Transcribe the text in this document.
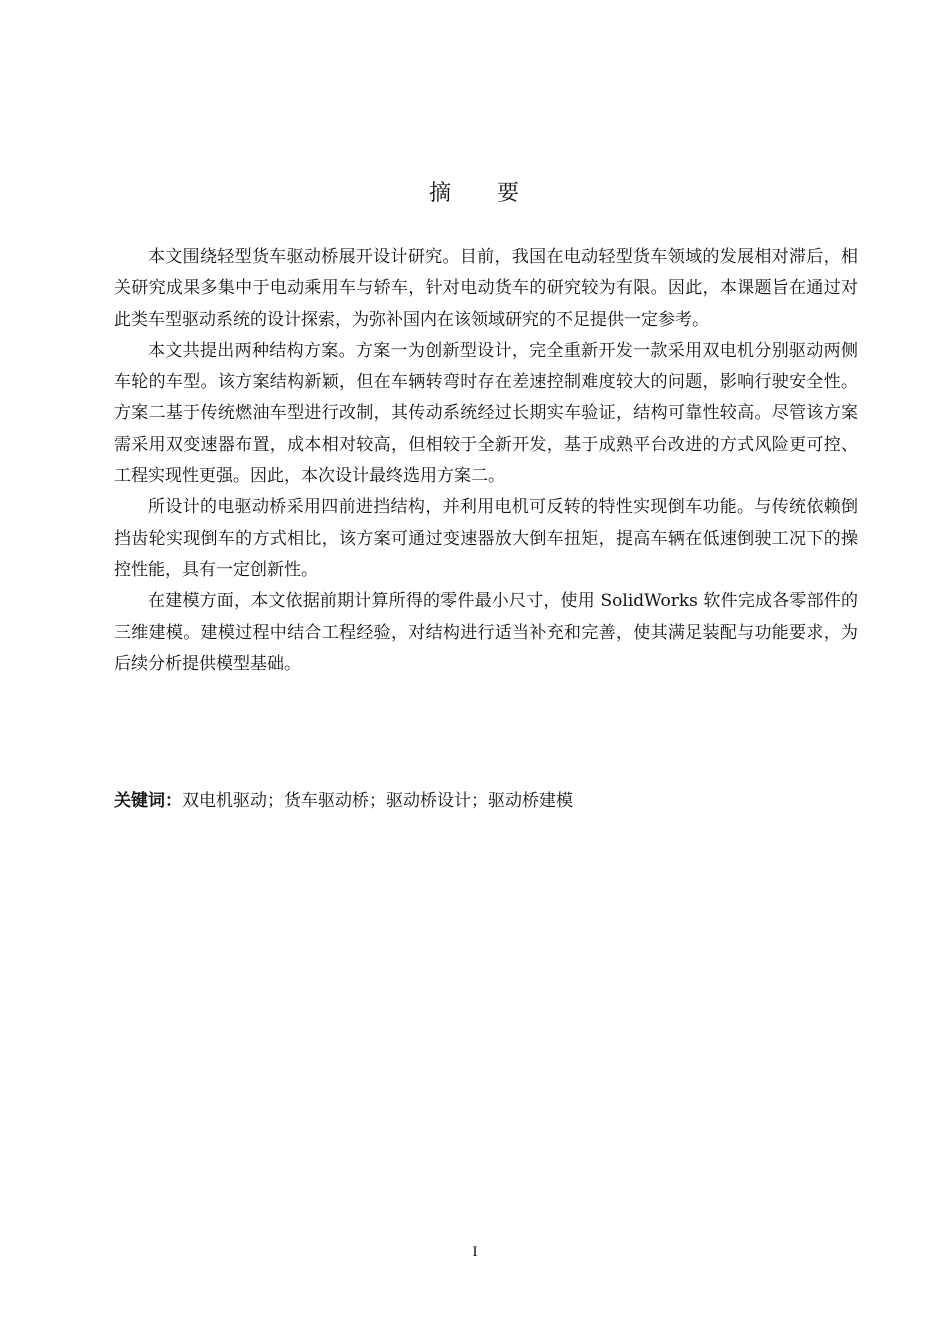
摘 要

本文围绕轻型货车驱动桥展开设计研究。目前，我国在电动轻型货车领域的发展相对滞后，相关研究成果多集中于电动乘用车与轿车，针对电动货车的研究较为有限。因此，本课题旨在通过对此类车型驱动系统的设计探索，为弥补国内在该领域研究的不足提供一定参考。

本文共提出两种结构方案。方案一为创新型设计，完全重新开发一款采用双电机分别驱动两侧车轮的车型。该方案结构新颖，但在车辆转弯时存在差速控制难度较大的问题，影响行驶安全性。方案二基于传统燃油车型进行改制，其传动系统经过长期实车验证，结构可靠性较高。尽管该方案需采用双变速器布置，成本相对较高，但相较于全新开发，基于成熟平台改进的方式风险更可控、工程实现性更强。因此，本次设计最终选用方案二。

所设计的电驱动桥采用四前进挡结构，并利用电机可反转的特性实现倒车功能。与传统依赖倒挡齿轮实现倒车的方式相比，该方案可通过变速器放大倒车扭矩，提高车辆在低速倒驶工况下的操控性能，具有一定创新性。

在建模方面，本文依据前期计算所得的零件最小尺寸，使用 SolidWorks 软件完成各零部件的三维建模。建模过程中结合工程经验，对结构进行适当补充和完善，使其满足装配与功能要求，为后续分析提供模型基础。

关键词：双电机驱动；货车驱动桥；驱动桥设计；驱动桥建模
I
